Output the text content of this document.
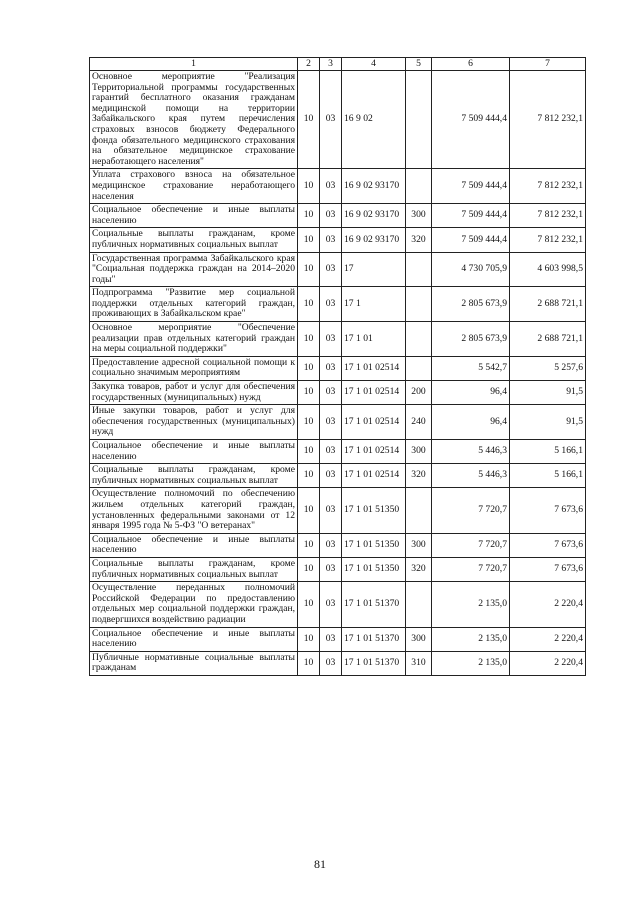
1	2	3	4	5	6	7
Основное мероприятие "Реализация Территориальной программы государственных гарантий бесплатного оказания гражданам медицинской помощи на территории Забайкальского края путем перечисления страховых взносов бюджету Федерального фонда обязательного медицинского страхования на обязательное медицинское страхование неработающего населения"	10	03	16 9 02		7 509 444,4	7 812 232,1
Уплата страхового взноса на обязательное медицинское страхование неработающего населения	10	03	16 9 02 93170		7 509 444,4	7 812 232,1
Социальное обеспечение и иные выплаты населению	10	03	16 9 02 93170	300	7 509 444,4	7 812 232,1
Социальные выплаты гражданам, кроме публичных нормативных социальных выплат	10	03	16 9 02 93170	320	7 509 444,4	7 812 232,1
Государственная программа Забайкальского края "Социальная поддержка граждан на 2014–2020 годы"	10	03	17		4 730 705,9	4 603 998,5
Подпрограмма "Развитие мер социальной поддержки отдельных категорий граждан, проживающих в Забайкальском крае"	10	03	17 1		2 805 673,9	2 688 721,1
Основное мероприятие "Обеспечение реализации прав отдельных категорий граждан на меры социальной поддержки"	10	03	17 1 01		2 805 673,9	2 688 721,1
Предоставление адресной социальной помощи к социально значимым мероприятиям	10	03	17 1 01 02514		5 542,7	5 257,6
Закупка товаров, работ и услуг для обеспечения государственных (муниципальных) нужд	10	03	17 1 01 02514	200	96,4	91,5
Иные закупки товаров, работ и услуг для обеспечения государственных (муниципальных) нужд	10	03	17 1 01 02514	240	96,4	91,5
Социальное обеспечение и иные выплаты населению	10	03	17 1 01 02514	300	5 446,3	5 166,1
Социальные выплаты гражданам, кроме публичных нормативных социальных выплат	10	03	17 1 01 02514	320	5 446,3	5 166,1
Осуществление полномочий по обеспечению жильем отдельных категорий граждан, установленных федеральными законами от 12 января 1995 года № 5-ФЗ "О ветеранах"	10	03	17 1 01 51350		7 720,7	7 673,6
Социальное обеспечение и иные выплаты населению	10	03	17 1 01 51350	300	7 720,7	7 673,6
Социальные выплаты гражданам, кроме публичных нормативных социальных выплат	10	03	17 1 01 51350	320	7 720,7	7 673,6
Осуществление переданных полномочий Российской Федерации по предоставлению отдельных мер социальной поддержки граждан, подвергшихся воздействию радиации	10	03	17 1 01 51370		2 135,0	2 220,4
Социальное обеспечение и иные выплаты населению	10	03	17 1 01 51370	300	2 135,0	2 220,4
Публичные нормативные социальные выплаты гражданам	10	03	17 1 01 51370	310	2 135,0	2 220,4
81
